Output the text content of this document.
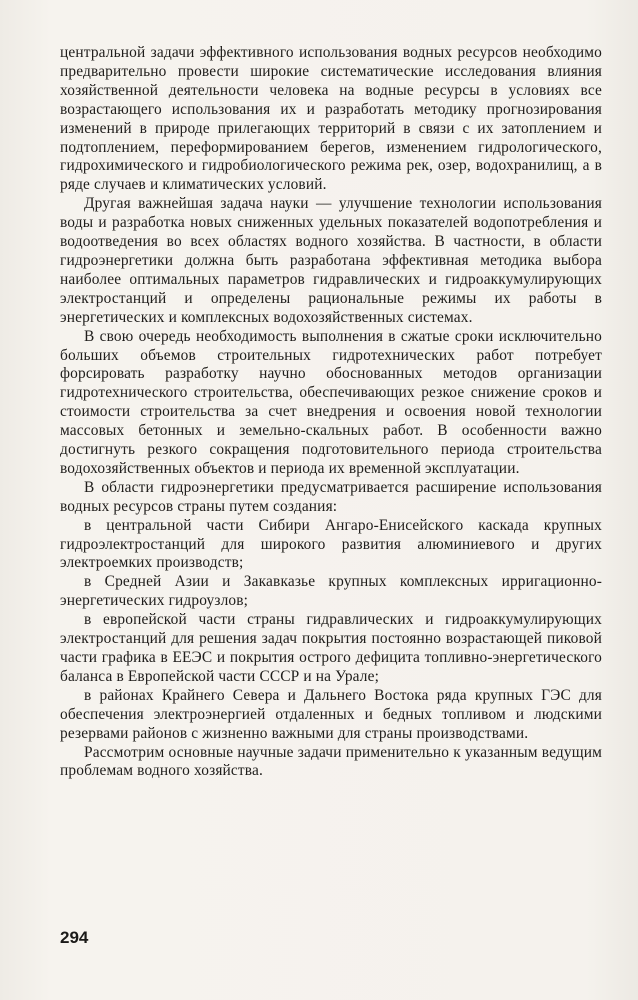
центральной задачи эффективного использования водных ресурсов необходимо предварительно провести широкие систематические исследования влияния хозяйственной деятельности человека на водные ресурсы в условиях все возрастающего использования их и разработать методику прогнозирования изменений в природе прилегающих территорий в связи с их затоплением и подтоплением, переформированием берегов, изменением гидрологического, гидрохимического и гидробиологического режима рек, озер, водохранилищ, а в ряде случаев и климатических условий.

Другая важнейшая задача науки — улучшение технологии использования воды и разработка новых сниженных удельных показателей водопотребления и водоотведения во всех областях водного хозяйства. В частности, в области гидроэнергетики должна быть разработана эффективная методика выбора наиболее оптимальных параметров гидравлических и гидроаккумулирующих электростанций и определены рациональные режимы их работы в энергетических и комплексных водохозяйственных системах.

В свою очередь необходимость выполнения в сжатые сроки исключительно больших объемов строительных гидротехнических работ потребует форсировать разработку научно обоснованных методов организации гидротехнического строительства, обеспечивающих резкое снижение сроков и стоимости строительства за счет внедрения и освоения новой технологии массовых бетонных и земельно-скальных работ. В особенности важно достигнуть резкого сокращения подготовительного периода строительства водохозяйственных объектов и периода их временной эксплуатации.

В области гидроэнергетики предусматривается расширение использования водных ресурсов страны путем создания:

в центральной части Сибири Ангаро-Енисейского каскада крупных гидроэлектростанций для широкого развития алюминиевого и других электроемких производств;

в Средней Азии и Закавказье крупных комплексных ирригационно-энергетических гидроузлов;

в европейской части страны гидравлических и гидроаккумулирующих электростанций для решения задач покрытия постоянно возрастающей пиковой части графика в ЕЕЭС и покрытия острого дефицита топливно-энергетического баланса в Европейской части СССР и на Урале;

в районах Крайнего Севера и Дальнего Востока ряда крупных ГЭС для обеспечения электроэнергией отдаленных и бедных топливом и людскими резервами районов с жизненно важными для страны производствами.

Рассмотрим основные научные задачи применительно к указанным ведущим проблемам водного хозяйства.

294
